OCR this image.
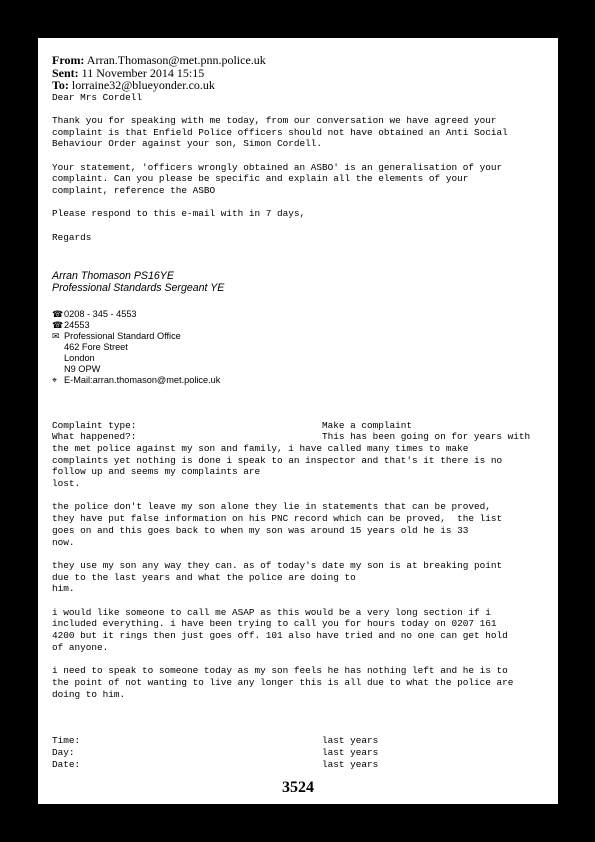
From: Arran.Thomason@met.pnn.police.uk
Sent: 11 November 2014 15:15
To: lorraine32@blueyonder.co.uk

Dear Mrs Cordell

Thank you for speaking with me today, from our conversation we have agreed your
complaint is that Enfield Police officers should not have obtained an Anti Social
Behaviour Order against your son, Simon Cordell.

Your statement, 'officers wrongly obtained an ASBO' is an generalisation of your
complaint. Can you please be specific and explain all the elements of your
complaint, reference the ASBO

Please respond to this e-mail with in 7 days,

Regards

Arran Thomason PS16YE
Professional Standards Sergeant YE
☎ 0208 - 345 - 4553
☎ 24553
✉ Professional Standard Office
462 Fore Street
London
N9 OPW
⌖ E-Mail:arran.thomason@met.police.uk
Complaint type:	Make a complaint
What happened?:	This has been going on for years with

the met police against my son and family, i have called many times to make
complaints yet nothing is done i speak to an inspector and that's it there is no
follow up and seems my complaints are
lost.

the police don't leave my son alone they lie in statements that can be proved,
they have put false information on his PNC record which can be proved,  the list
goes on and this goes back to when my son was around 15 years old he is 33
now.

they use my son any way they can. as of today's date my son is at breaking point
due to the last years and what the police are doing to
him.

i would like someone to call me ASAP as this would be a very long section if i
included everything. i have been trying to call you for hours today on 0207 161
4200 but it rings then just goes off. 101 also have tried and no one can get hold
of anyone.

i need to speak to someone today as my son feels he has nothing left and he is to
the point of not wanting to live any longer this is all due to what the police are
doing to him.

Time:	last years
Day:	last years
Date:	last years
3524
